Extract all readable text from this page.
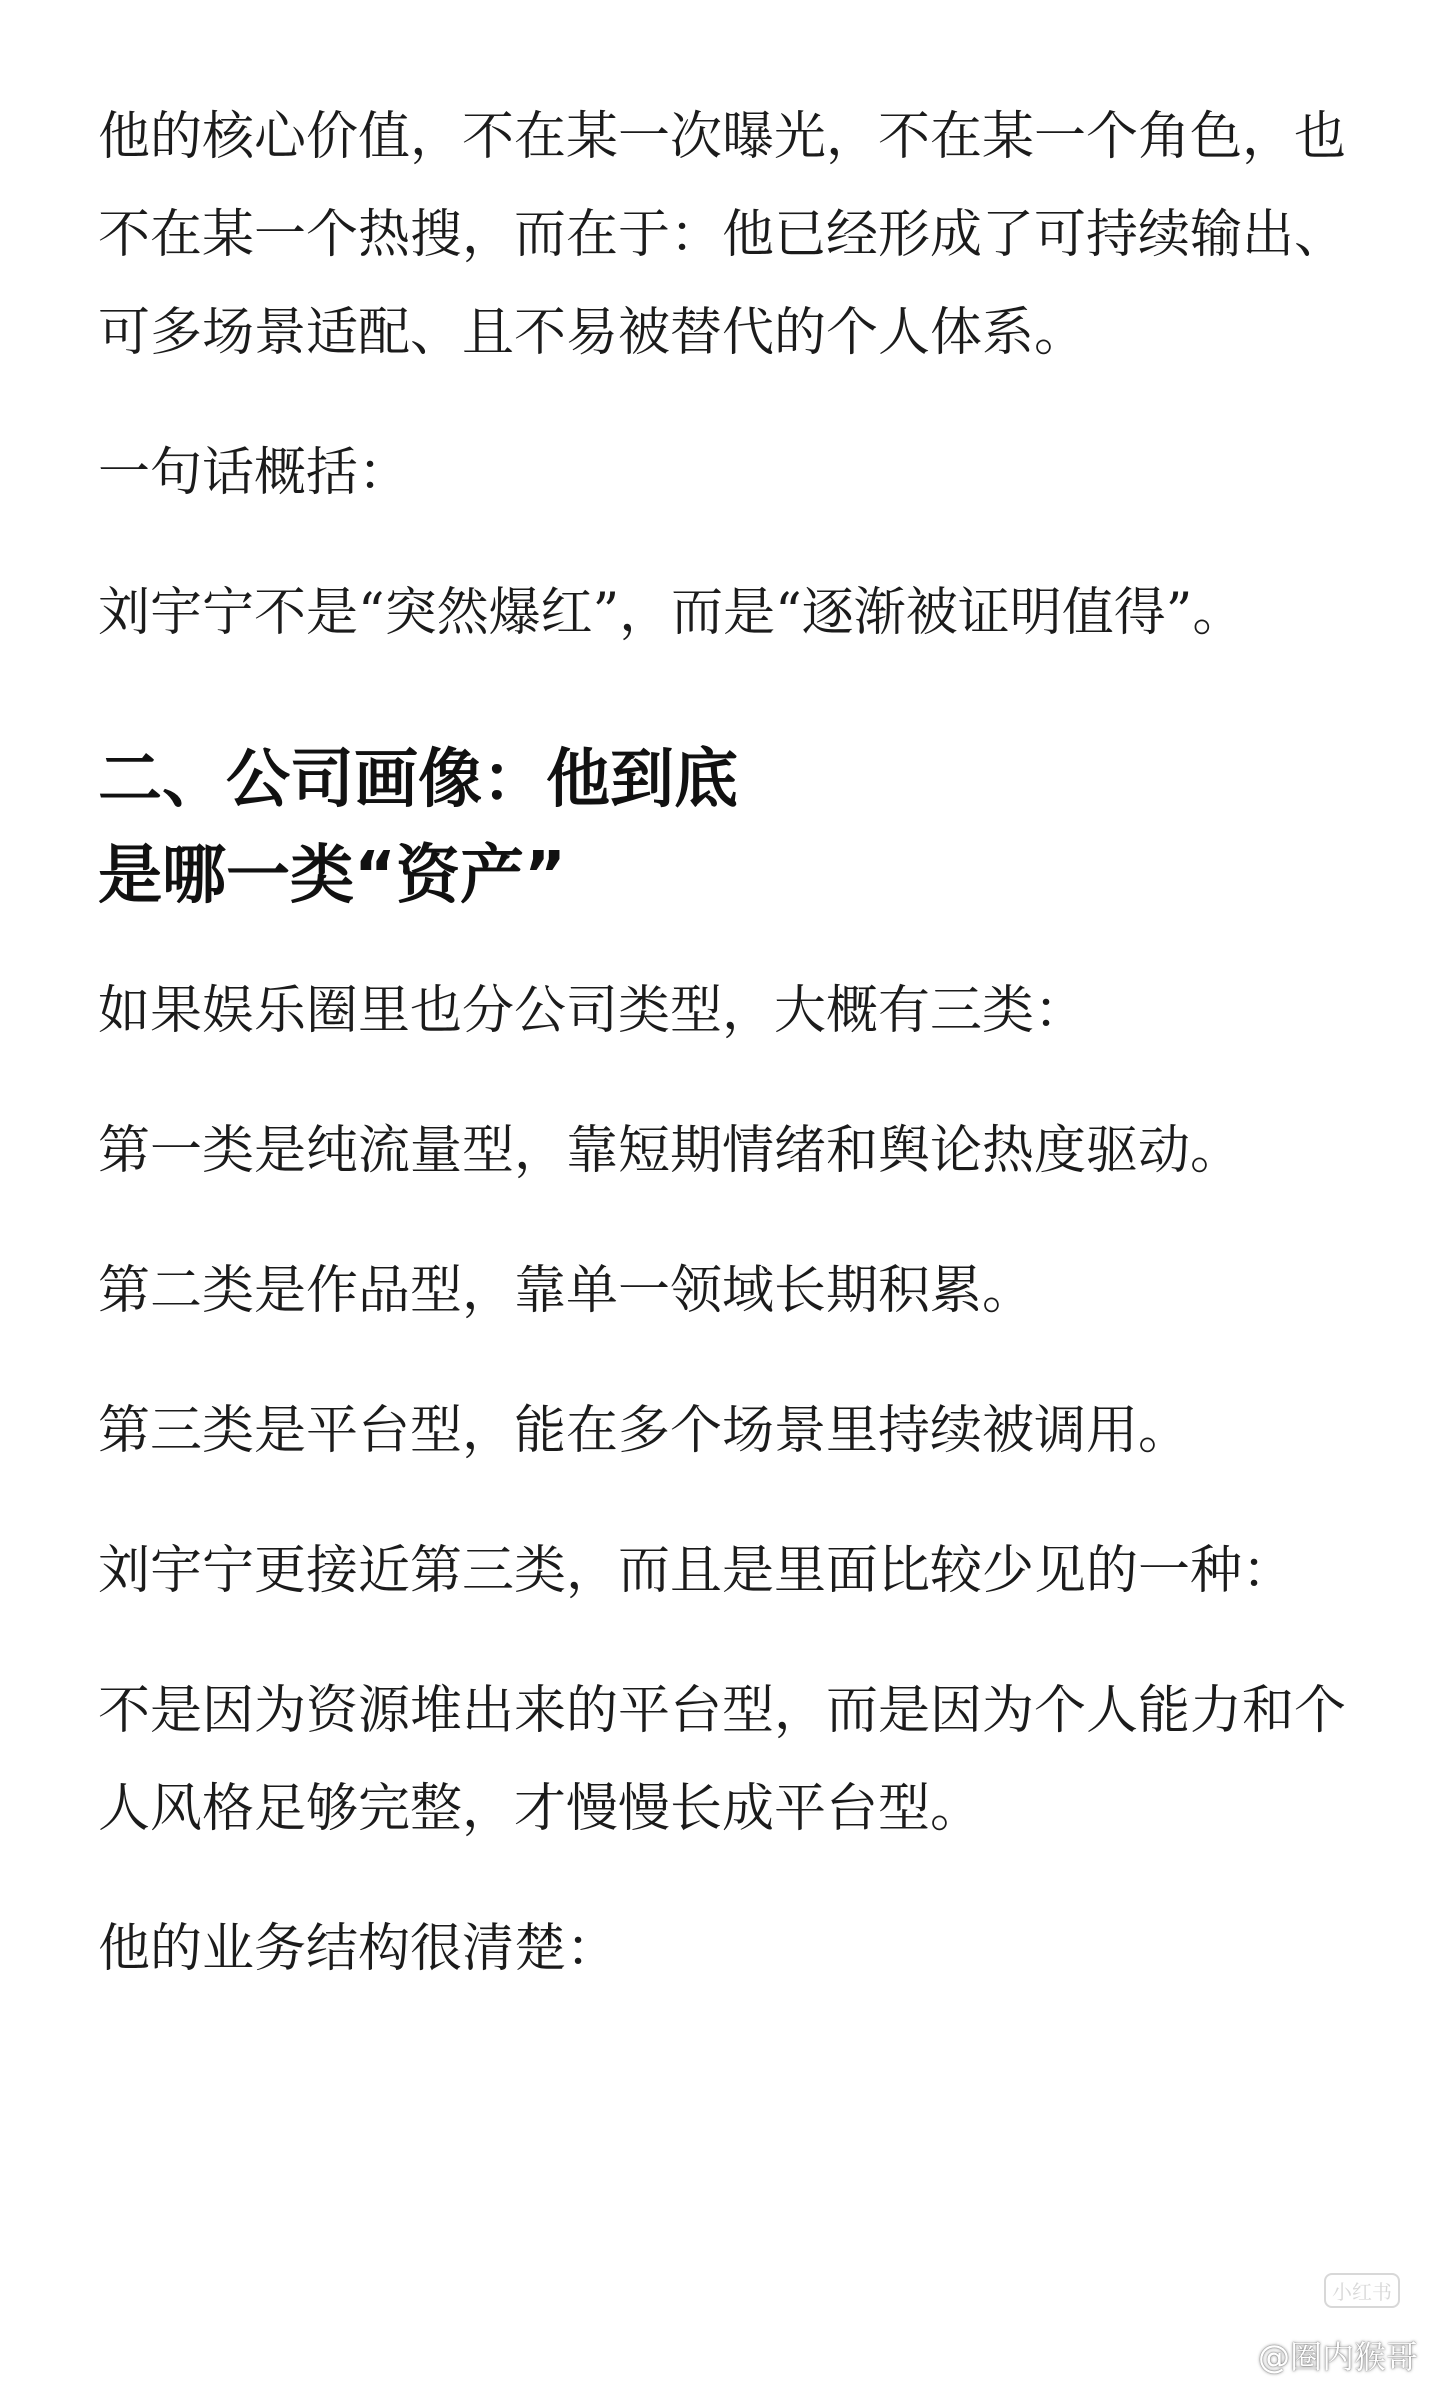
他的核心价值，不在某一次曝光，不在某一个角色，也不在某一个热搜，而在于：他已经形成了可持续输出、可多场景适配、且不易被替代的个人体系。

一句话概括：

刘宇宁不是“突然爆红”，而是“逐渐被证明值得”。

二、公司画像：他到底
是哪一类“资产”

如果娱乐圈里也分公司类型，大概有三类：

第一类是纯流量型，靠短期情绪和舆论热度驱动。

第二类是作品型，靠单一领域长期积累。

第三类是平台型，能在多个场景里持续被调用。

刘宇宁更接近第三类，而且是里面比较少见的一种：

不是因为资源堆出来的平台型，而是因为个人能力和个人风格足够完整，才慢慢长成平台型。

他的业务结构很清楚：

小红书
@圈内猴哥
